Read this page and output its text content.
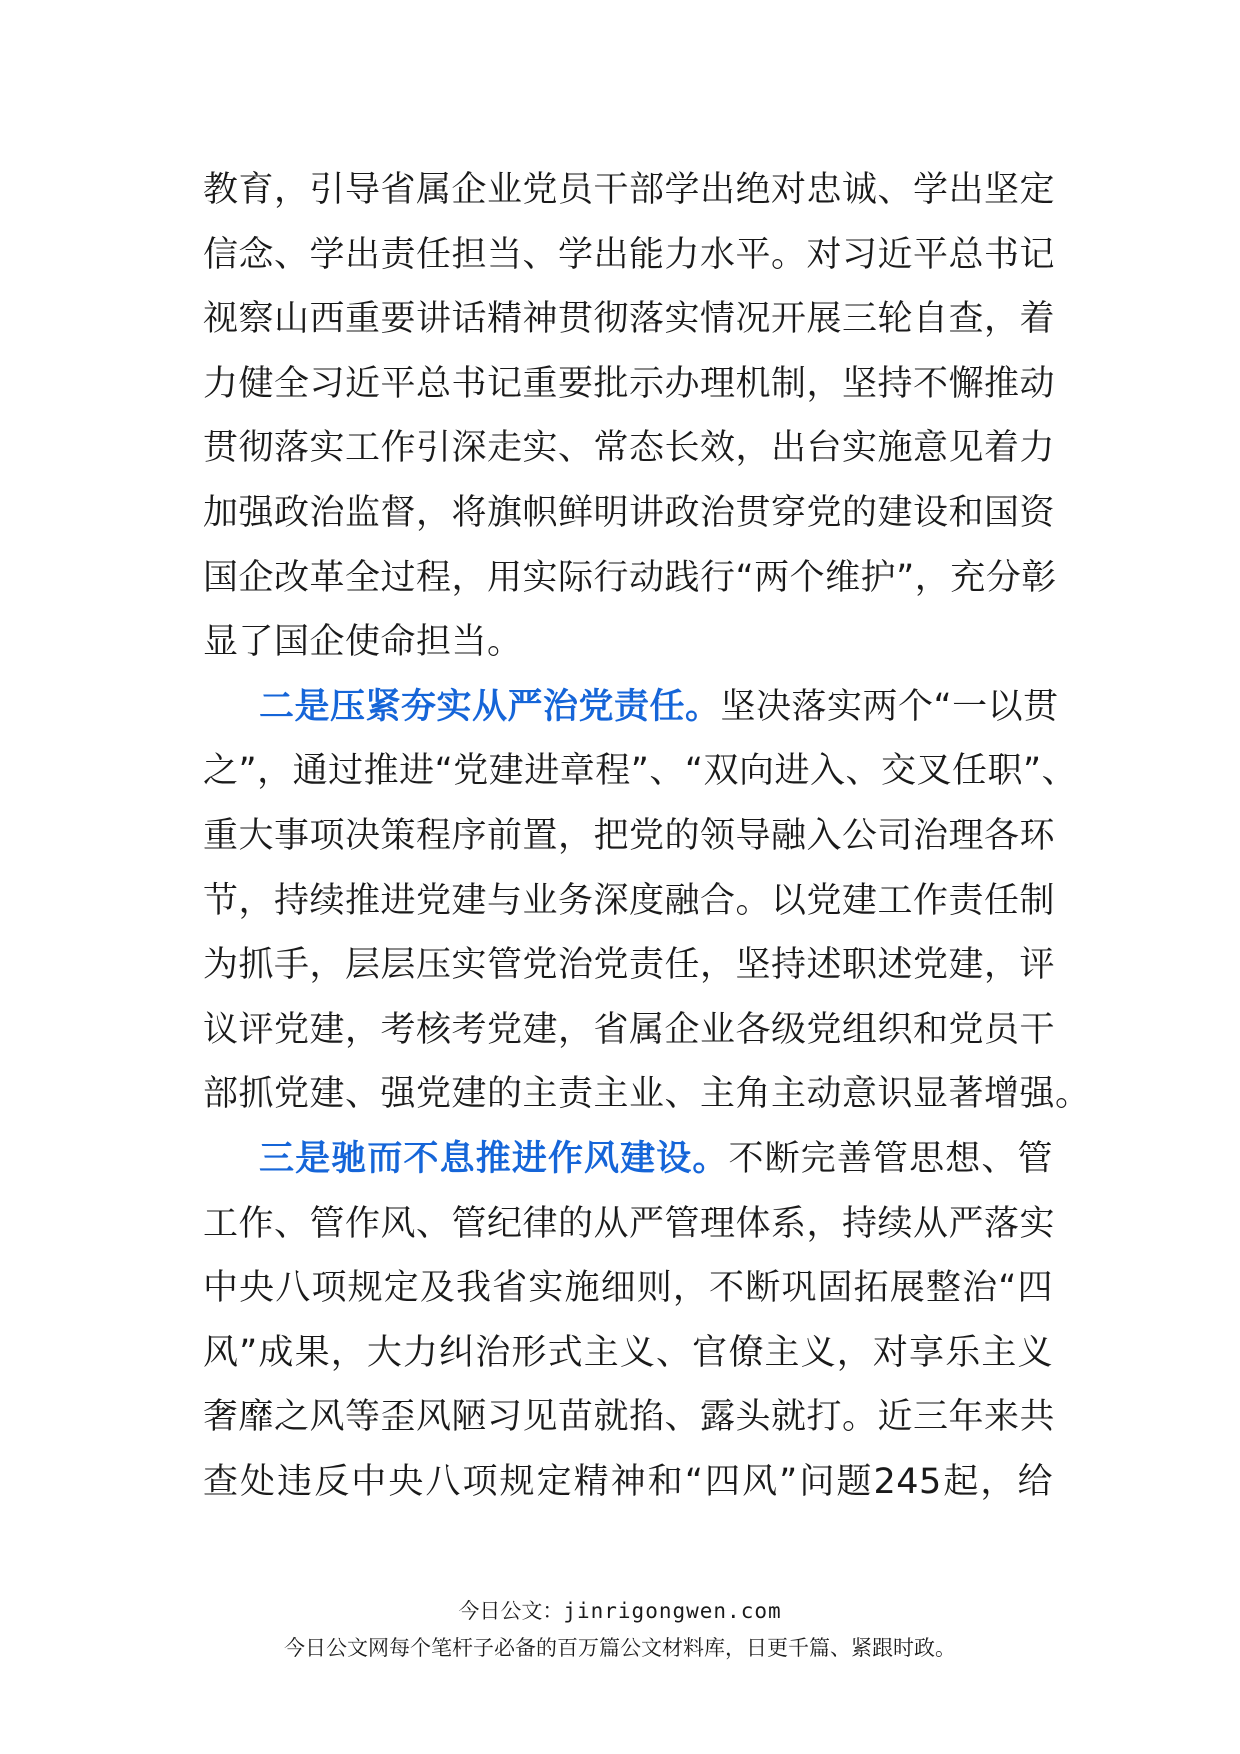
教育，引导省属企业党员干部学出绝对忠诚、学出坚定
信念、学出责任担当、学出能力水平。对习近平总书记
视察山西重要讲话精神贯彻落实情况开展三轮自查，着
力健全习近平总书记重要批示办理机制，坚持不懈推动
贯彻落实工作引深走实、常态长效，出台实施意见着力
加强政治监督，将旗帜鲜明讲政治贯穿党的建设和国资
国企改革全过程，用实际行动践行“两个维护”，充分彰
显了国企使命担当。
二是压紧夯实从严治党责任。坚决落实两个“一以贯
之”，通过推进“党建进章程”、“双向进入、交叉任职”、
重大事项决策程序前置，把党的领导融入公司治理各环
节，持续推进党建与业务深度融合。以党建工作责任制
为抓手，层层压实管党治党责任，坚持述职述党建，评
议评党建，考核考党建，省属企业各级党组织和党员干
部抓党建、强党建的主责主业、主角主动意识显著增强。
三是驰而不息推进作风建设。不断完善管思想、管
工作、管作风、管纪律的从严管理体系，持续从严落实
中央八项规定及我省实施细则，不断巩固拓展整治“四
风”成果，大力纠治形式主义、官僚主义，对享乐主义
奢靡之风等歪风陋习见苗就掐、露头就打。近三年来共
查处违反中央八项规定精神和“四风”问题245起，给
今日公文：jinrigongwen.com
今日公文网每个笔杆子必备的百万篇公文材料库，日更千篇、紧跟时政。
